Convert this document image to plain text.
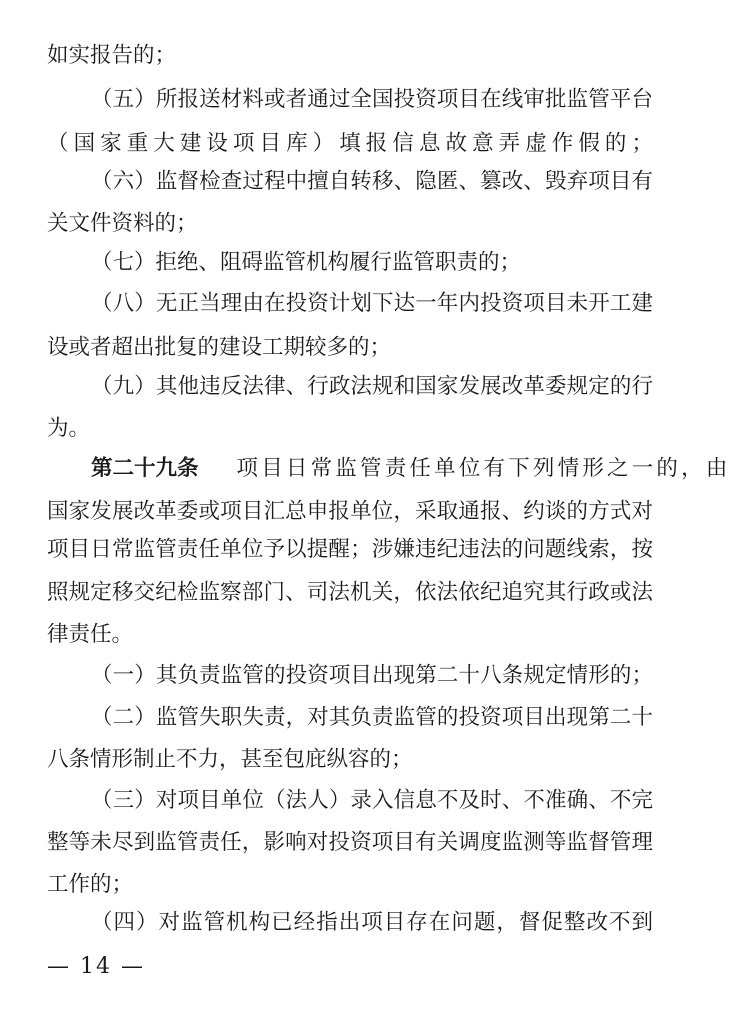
如实报告的；
（五）所报送材料或者通过全国投资项目在线审批监管平台
（国家重大建设项目库）填报信息故意弄虚作假的；
（六）监督检查过程中擅自转移、隐匿、篡改、毁弃项目有
关文件资料的；
（七）拒绝、阻碍监管机构履行监管职责的；
（八）无正当理由在投资计划下达一年内投资项目未开工建
设或者超出批复的建设工期较多的；
（九）其他违反法律、行政法规和国家发展改革委规定的行
为。
第二十九条 项目日常监管责任单位有下列情形之一的，由
国家发展改革委或项目汇总申报单位，采取通报、约谈的方式对
项目日常监管责任单位予以提醒；涉嫌违纪违法的问题线索，按
照规定移交纪检监察部门、司法机关，依法依纪追究其行政或法
律责任。
（一）其负责监管的投资项目出现第二十八条规定情形的；
（二）监管失职失责，对其负责监管的投资项目出现第二十
八条情形制止不力，甚至包庇纵容的；
（三）对项目单位（法人）录入信息不及时、不准确、不完
整等未尽到监管责任，影响对投资项目有关调度监测等监督管理
工作的；
（四）对监管机构已经指出项目存在问题，督促整改不到
— 14 —
